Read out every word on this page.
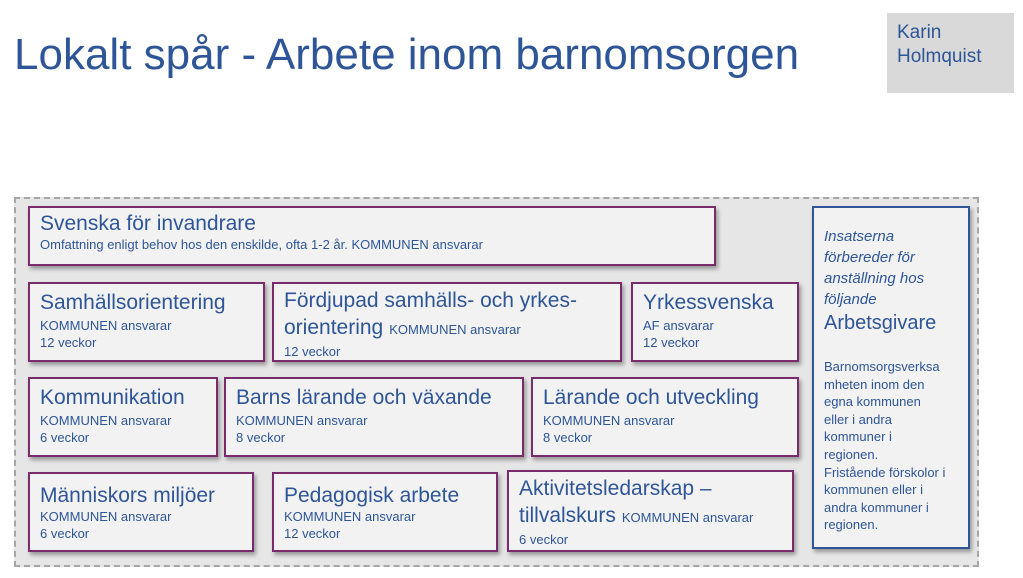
Lokalt spår - Arbete inom barnomsorgen	Karin
Holmquist
Svenska för invandrare
Omfattning enligt behov hos den enskilde, ofta 1-2 år. KOMMUNEN ansvarar
Samhällsorientering
KOMMUNEN ansvarar
12 veckor
Fördjupad samhälls- och yrkes-
orientering KOMMUNEN ansvarar
12 veckor
Yrkessvenska
AF ansvarar
12 veckor
Kommunikation
KOMMUNEN ansvarar
6 veckor
Barns lärande och växande
KOMMUNEN ansvarar
8 veckor
Lärande och utveckling
KOMMUNEN ansvarar
8 veckor
Människors miljöer
KOMMUNEN ansvarar
6 veckor
Pedagogisk arbete
KOMMUNEN ansvarar
12 veckor
Aktivitetsledarskap –
tillvalskurs KOMMUNEN ansvarar
6 veckor
Insatserna
förbereder för
anställning hos
följande
Arbetsgivare
Barnomsorgsverksa
mheten inom den
egna kommunen
eller i andra
kommuner i
regionen.
Fristående förskolor i
kommunen eller i
andra kommuner i
regionen.
